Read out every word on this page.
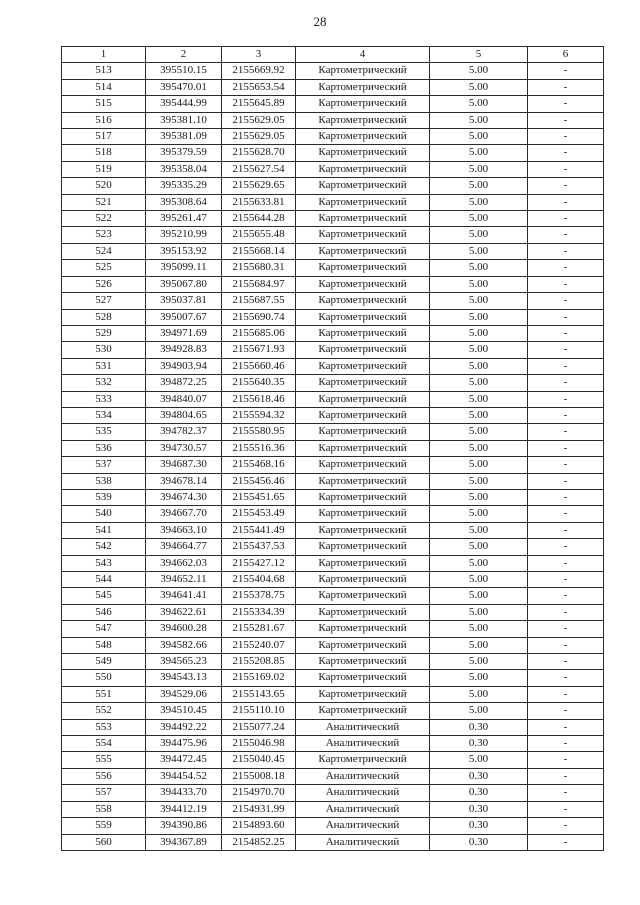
28
1	2	3	4	5	6
513	395510.15	2155669.92	Картометрический	5.00	-
514	395470.01	2155653.54	Картометрический	5.00	-
515	395444.99	2155645.89	Картометрический	5.00	-
516	395381.10	2155629.05	Картометрический	5.00	-
517	395381.09	2155629.05	Картометрический	5.00	-
518	395379.59	2155628.70	Картометрический	5.00	-
519	395358.04	2155627.54	Картометрический	5.00	-
520	395335.29	2155629.65	Картометрический	5.00	-
521	395308.64	2155633.81	Картометрический	5.00	-
522	395261.47	2155644.28	Картометрический	5.00	-
523	395210.99	2155655.48	Картометрический	5.00	-
524	395153.92	2155668.14	Картометрический	5.00	-
525	395099.11	2155680.31	Картометрический	5.00	-
526	395067.80	2155684.97	Картометрический	5.00	-
527	395037.81	2155687.55	Картометрический	5.00	-
528	395007.67	2155690.74	Картометрический	5.00	-
529	394971.69	2155685.06	Картометрический	5.00	-
530	394928.83	2155671.93	Картометрический	5.00	-
531	394903.94	2155660.46	Картометрический	5.00	-
532	394872.25	2155640.35	Картометрический	5.00	-
533	394840.07	2155618.46	Картометрический	5.00	-
534	394804.65	2155594.32	Картометрический	5.00	-
535	394782.37	2155580.95	Картометрический	5.00	-
536	394730.57	2155516.36	Картометрический	5.00	-
537	394687.30	2155468.16	Картометрический	5.00	-
538	394678.14	2155456.46	Картометрический	5.00	-
539	394674.30	2155451.65	Картометрический	5.00	-
540	394667.70	2155453.49	Картометрический	5.00	-
541	394663.10	2155441.49	Картометрический	5.00	-
542	394664.77	2155437.53	Картометрический	5.00	-
543	394662.03	2155427.12	Картометрический	5.00	-
544	394652.11	2155404.68	Картометрический	5.00	-
545	394641.41	2155378.75	Картометрический	5.00	-
546	394622.61	2155334.39	Картометрический	5.00	-
547	394600.28	2155281.67	Картометрический	5.00	-
548	394582.66	2155240.07	Картометрический	5.00	-
549	394565.23	2155208.85	Картометрический	5.00	-
550	394543.13	2155169.02	Картометрический	5.00	-
551	394529.06	2155143.65	Картометрический	5.00	-
552	394510.45	2155110.10	Картометрический	5.00	-
553	394492.22	2155077.24	Аналитический	0.30	-
554	394475.96	2155046.98	Аналитический	0.30	-
555	394472.45	2155040.45	Картометрический	5.00	-
556	394454.52	2155008.18	Аналитический	0.30	-
557	394433.70	2154970.70	Аналитический	0.30	-
558	394412.19	2154931.99	Аналитический	0.30	-
559	394390.86	2154893.60	Аналитический	0.30	-
560	394367.89	2154852.25	Аналитический	0.30	-
